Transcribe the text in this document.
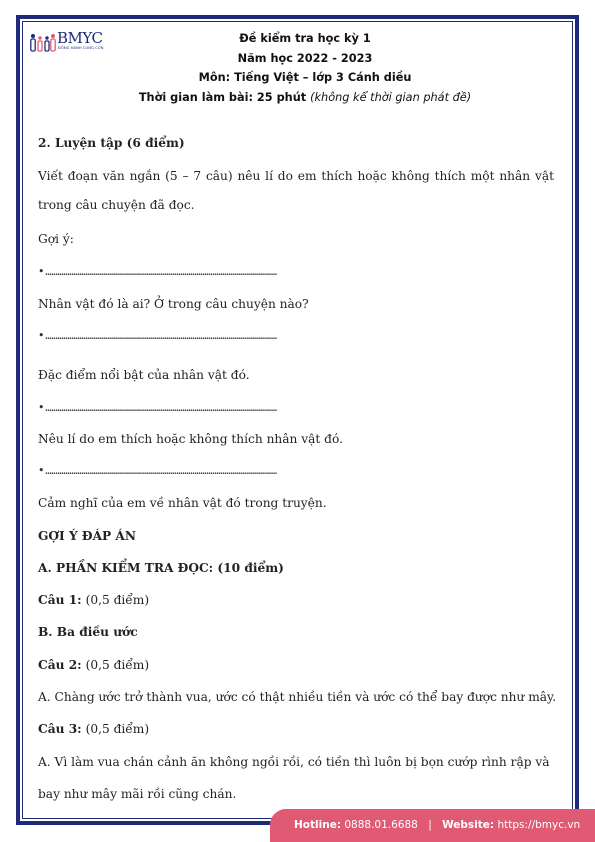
BMYC
ĐỒNG HÀNH CÙNG CON
Đề kiểm tra học kỳ 1
Năm học 2022 - 2023
Môn: Tiếng Việt – lớp 3 Cánh diều
Thời gian làm bài: 25 phút (không kể thời gian phát đề)
2. Luyện tập (6 điểm)
Viết đoạn văn ngắn (5 – 7 câu) nêu lí do em thích hoặc không thích một nhân vật trong câu chuyện đã đọc.
Gợi ý:
•...................................................................................................................
Nhân vật đó là ai? Ở trong câu chuyện nào?
•...................................................................................................................
Đặc điểm nổi bật của nhân vật đó.
•...................................................................................................................
Nêu lí do em thích hoặc không thích nhân vật đó.
•...................................................................................................................
Cảm nghĩ của em về nhân vật đó trong truyện.
GỢI Ý ĐÁP ÁN
A. PHẦN KIỂM TRA ĐỌC: (10 điểm)
Câu 1: (0,5 điểm)
B. Ba điều ước
Câu 2: (0,5 điểm)
A. Chàng ước trở thành vua, ước có thật nhiều tiền và ước có thể bay được như mây.
Câu 3: (0,5 điểm)
A. Vì làm vua chán cảnh ăn không ngồi rồi, có tiền thì luôn bị bọn cướp rình rập và
bay như mây mãi rồi cũng chán.
Hotline: 0888.01.6688 | Website: https://bmyc.vn
